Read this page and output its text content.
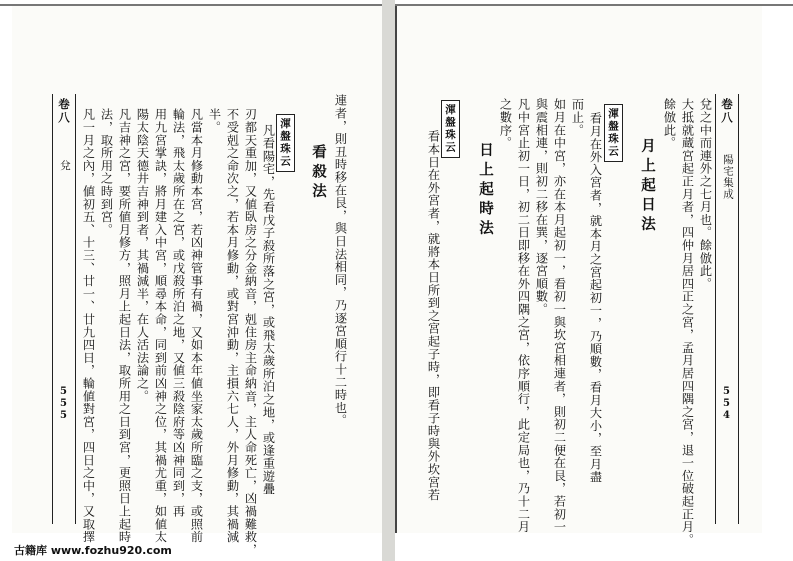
卷八
兌
555	連者，則丑時移在艮，與日法相同，乃逐宮順行十二時也。
看殺法
渾盤珠云
凡看陽宅，先看戊子殺所落之宮，或飛太歲所泊之地，或逢重遊疊
刃都天重加，又値臥房之分金納音，剋住房主命納音，主人命死亡，凶禍難救，
不受剋之命次之，若本月修動，或對宮沖動，主損六七人，外月修動，其禍減
半。
凡當本月修動本宮，若凶神管事有禍，又如本年値坐家太歲所臨之支，或照前
輪法，飛太歲所在之宮，或戊殺所泊之地，又値三殺陰府等凶神同到，再
用九宮掌訣，將月建入中宮，順尋本命，同到前凶神之位，其禍尤重，如値太
陽太陰天德井吉神到者，其禍減半，在人活法論之。
凡吉神之宮，要所値月修方，照月上起日法，取所用之日到宮，更照日上起時
法，取所用之時到宮。
凡一月之內，値初五、十三、廿一、廿九四日，輪値對宮，四日之中，又取擇	卷八
陽宅集成
554
兌之中而連外之七月也。餘倣此。
大抵就蔵宮起正月者，四仲月居四正之宮，孟月居四隅之宮，退一位破起正月。
餘倣此。
月上起日法
渾盤珠云
看月在外入宮者，就本月之宮起初一，乃順數，看月大小，至月盡
而止。
如月在中宮，亦在本月起初一，看初一與坎宮相連者，則初二便在艮，若初一
與震相連，則初二移在巽，逐宮順數。
凡中宮止初一日，初二日即移在外四隅之宮，依序順行，此定局也，乃十二月
之數序。
日上起時法
渾盤珠云
看本日在外宮者，就將本日所到之宮起子時，即看子時與外坎宮若
古籍库 www.fozhu920.com
